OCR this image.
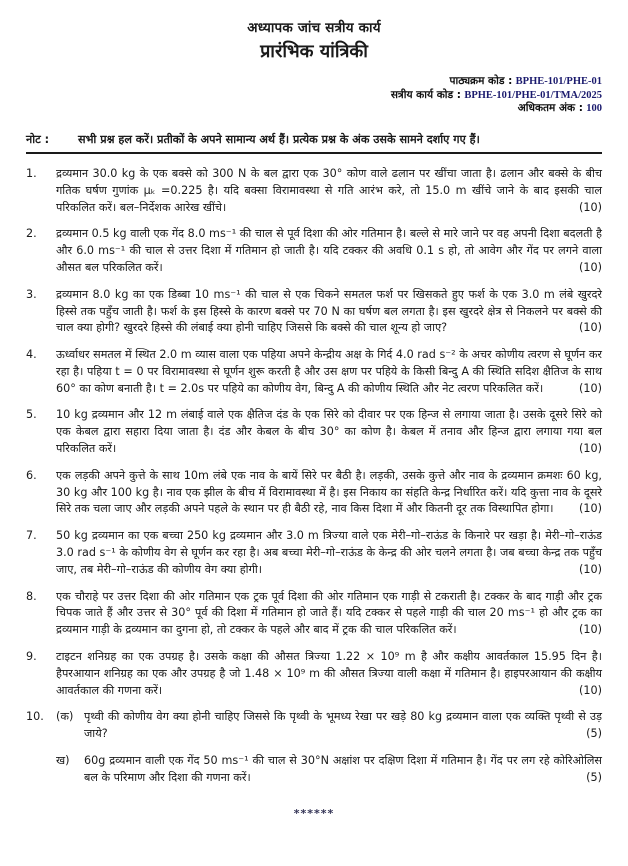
अध्यापक जांच सत्रीय कार्य
प्रारंभिक यांत्रिकी
पाठ्यक्रम कोड : BPHE-101/PHE-01
सत्रीय कार्य कोड : BPHE-101/PHE-01/TMA/2025
अधिकतम अंक : 100
नोट :	सभी प्रश्न हल करें। प्रतीकों के अपने सामान्य अर्थ हैं। प्रत्येक प्रश्न के अंक उसके सामने दर्शाए गए हैं।
1.	द्रव्यमान 30.0 kg के एक बक्से को 300 N के बल द्वारा एक 30° कोण वाले ढलान पर खींचा जाता है। ढलान और बक्से के बीच गतिक घर्षण गुणांक μₖ =0.225 है। यदि बक्सा विरामावस्था से गति आरंभ करे, तो 15.0 m खींचे जाने के बाद इसकी चाल परिकलित करें। बल–निर्देशक आरेख खींचे।	(10)
2.	द्रव्यमान 0.5 kg वाली एक गेंद 8.0 ms⁻¹ की चाल से पूर्व दिशा की ओर गतिमान है। बल्ले से मारे जाने पर वह अपनी दिशा बदलती है और 6.0 ms⁻¹ की चाल से उत्तर दिशा में गतिमान हो जाती है। यदि टक्कर की अवधि 0.1 s हो, तो आवेग और गेंद पर लगने वाला औसत बल परिकलित करें।	(10)
3.	द्रव्यमान 8.0 kg का एक डिब्बा 10 ms⁻¹ की चाल से एक चिकने समतल फर्श पर खिसकते हुए फर्श के एक 3.0 m लंबे खुरदरे हिस्से तक पहुँच जाती है। फर्श के इस हिस्से के कारण बक्से पर 70 N का घर्षण बल लगता है। इस खुरदरे क्षेत्र से निकलने पर बक्से की चाल क्या होगी? खुरदरे हिस्से की लंबाई क्या होनी चाहिए जिससे कि बक्से की चाल शून्य हो जाए?	(10)
4.	ऊर्ध्वाधर समतल में स्थित 2.0 m व्यास वाला एक पहिया अपने केन्द्रीय अक्ष के गिर्द 4.0 rad s⁻² के अचर कोणीय त्वरण से घूर्णन कर रहा है। पहिया t = 0 पर विरामावस्था से घूर्णन शुरू करती है और उस क्षण पर पहिये के किसी बिन्दु A की स्थिति सदिश क्षैतिज के साथ 60° का कोण बनाती है। t = 2.0s पर पहिये का कोणीय वेग, बिन्दु A की कोणीय स्थिति और नेट त्वरण परिकलित करें।	(10)
5.	10 kg द्रव्यमान और 12 m लंबाई वाले एक क्षैतिज दंड के एक सिरे को दीवार पर एक हिन्ज से लगाया जाता है। उसके दूसरे सिरे को एक केबल द्वारा सहारा दिया जाता है। दंड और केबल के बीच 30° का कोण है। केबल में तनाव और हिन्ज द्वारा लगाया गया बल परिकलित करें।	(10)
6.	एक लड़की अपने कुत्ते के साथ 10m लंबे एक नाव के बायें सिरे पर बैठी है। लड़की, उसके कुत्ते और नाव के द्रव्यमान क्रमशः 60 kg, 30 kg और 100 kg है। नाव एक झील के बीच में विरामावस्था में है। इस निकाय का संहति केन्द्र निर्धारित करें। यदि कुत्ता नाव के दूसरे सिरे तक चला जाए और लड़की अपने पहले के स्थान पर ही बैठी रहे, नाव किस दिशा में और कितनी दूर तक विस्थापित होगा।	(10)
7.	50 kg द्रव्यमान का एक बच्चा 250 kg द्रव्यमान और 3.0 m त्रिज्या वाले एक मेरी–गो–राऊंड के किनारे पर खड़ा है। मेरी–गो–राऊंड 3.0 rad s⁻¹ के कोणीय वेग से घूर्णन कर रहा है। अब बच्चा मेरी–गो–राऊंड के केन्द्र की ओर चलने लगता है। जब बच्चा केन्द्र तक पहुँच जाए, तब मेरी–गो–राऊंड की कोणीय वेग क्या होगी।	(10)
8.	एक चौराहे पर उत्तर दिशा की ओर गतिमान एक ट्रक पूर्व दिशा की ओर गतिमान एक गाड़ी से टकराती है। टक्कर के बाद गाड़ी और ट्रक चिपक जाते हैं और उत्तर से 30° पूर्व की दिशा में गतिमान हो जाते हैं। यदि टक्कर से पहले गाड़ी की चाल 20 ms⁻¹ हो और ट्रक का द्रव्यमान गाड़ी के द्रव्यमान का दुगना हो, तो टक्कर के पहले और बाद में ट्रक की चाल परिकलित करें।	(10)
9.	टाइटन शनिग्रह का एक उपग्रह है। उसके कक्षा की औसत त्रिज्या 1.22 × 10⁹ m है और कक्षीय आवर्तकाल 15.95 दिन है। हैपरआयान शनिग्रह का एक और उपग्रह है जो 1.48 × 10⁹ m की औसत त्रिज्या वाली कक्षा में गतिमान है। हाइपरआयान की कक्षीय आवर्तकाल की गणना करें।	(10)
10.	(क) पृथ्वी की कोणीय वेग क्या होनी चाहिए जिससे कि पृथ्वी के भूमध्य रेखा पर खड़े 80 kg द्रव्यमान वाला एक व्यक्ति पृथ्वी से उड़ जाये?	(5)
ख)	60g द्रव्यमान वाली एक गेंद 50 ms⁻¹ की चाल से 30°N अक्षांश पर दक्षिण दिशा में गतिमान है। गेंद पर लग रहे कोरिओलिस बल के परिमाण और दिशा की गणना करें।	(5)
******
